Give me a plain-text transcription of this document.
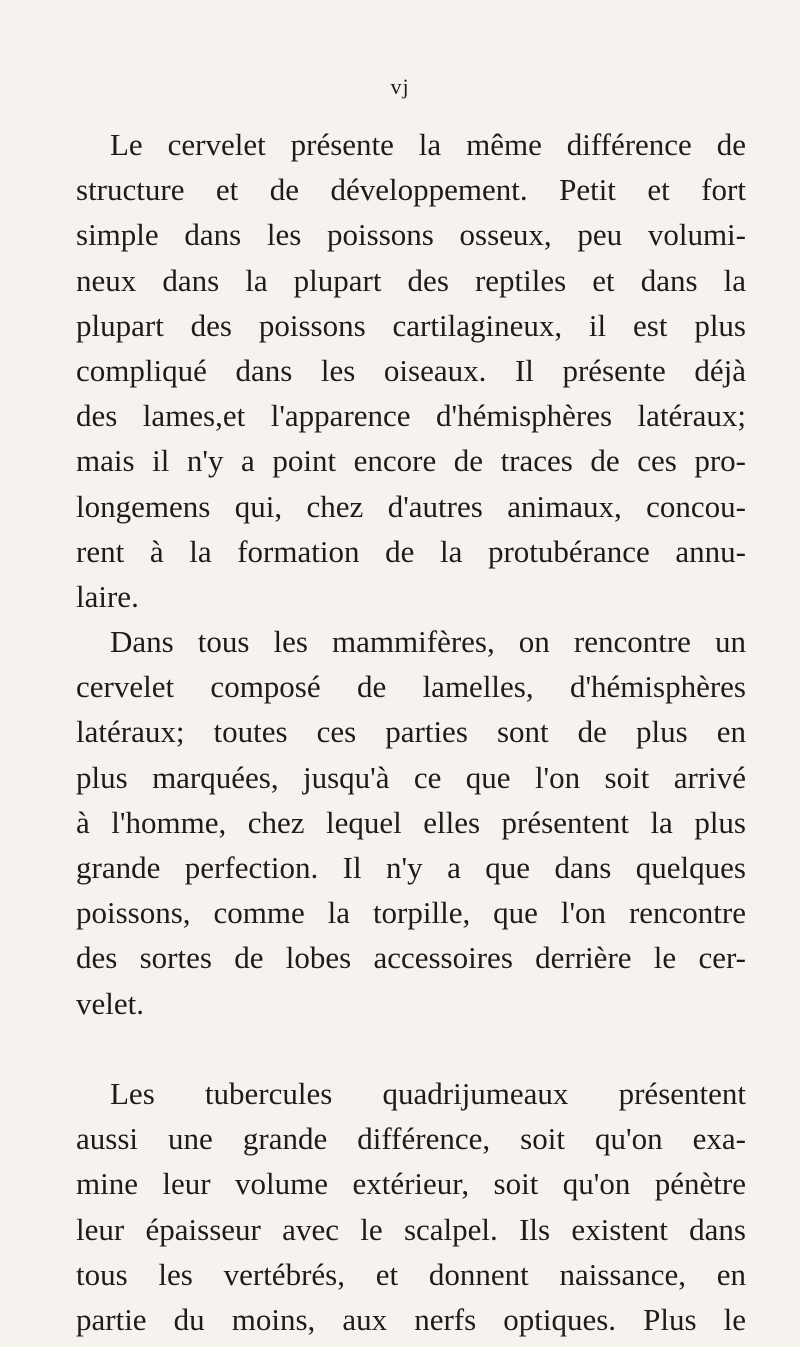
vj
Le cervelet présente la même différence de
structure et de développement. Petit et fort
simple dans les poissons osseux, peu volumi-
neux dans la plupart des reptiles et dans la
plupart des poissons cartilagineux, il est plus
compliqué dans les oiseaux. Il présente déjà
des lames,et l'apparence d'hémisphères latéraux;
mais il n'y a point encore de traces de ces pro-
longemens qui, chez d'autres animaux, concou-
rent à la formation de la protubérance annu-
laire.
Dans tous les mammifères, on rencontre un
cervelet composé de lamelles, d'hémisphères
latéraux; toutes ces parties sont de plus en
plus marquées, jusqu'à ce que l'on soit arrivé
à l'homme, chez lequel elles présentent la plus
grande perfection. Il n'y a que dans quelques
poissons, comme la torpille, que l'on rencontre
des sortes de lobes accessoires derrière le cer-
velet.
Les tubercules quadrijumeaux présentent
aussi une grande différence, soit qu'on exa-
mine leur volume extérieur, soit qu'on pénètre
leur épaisseur avec le scalpel. Ils existent dans
tous les vertébrés, et donnent naissance, en
partie du moins, aux nerfs optiques. Plus le
